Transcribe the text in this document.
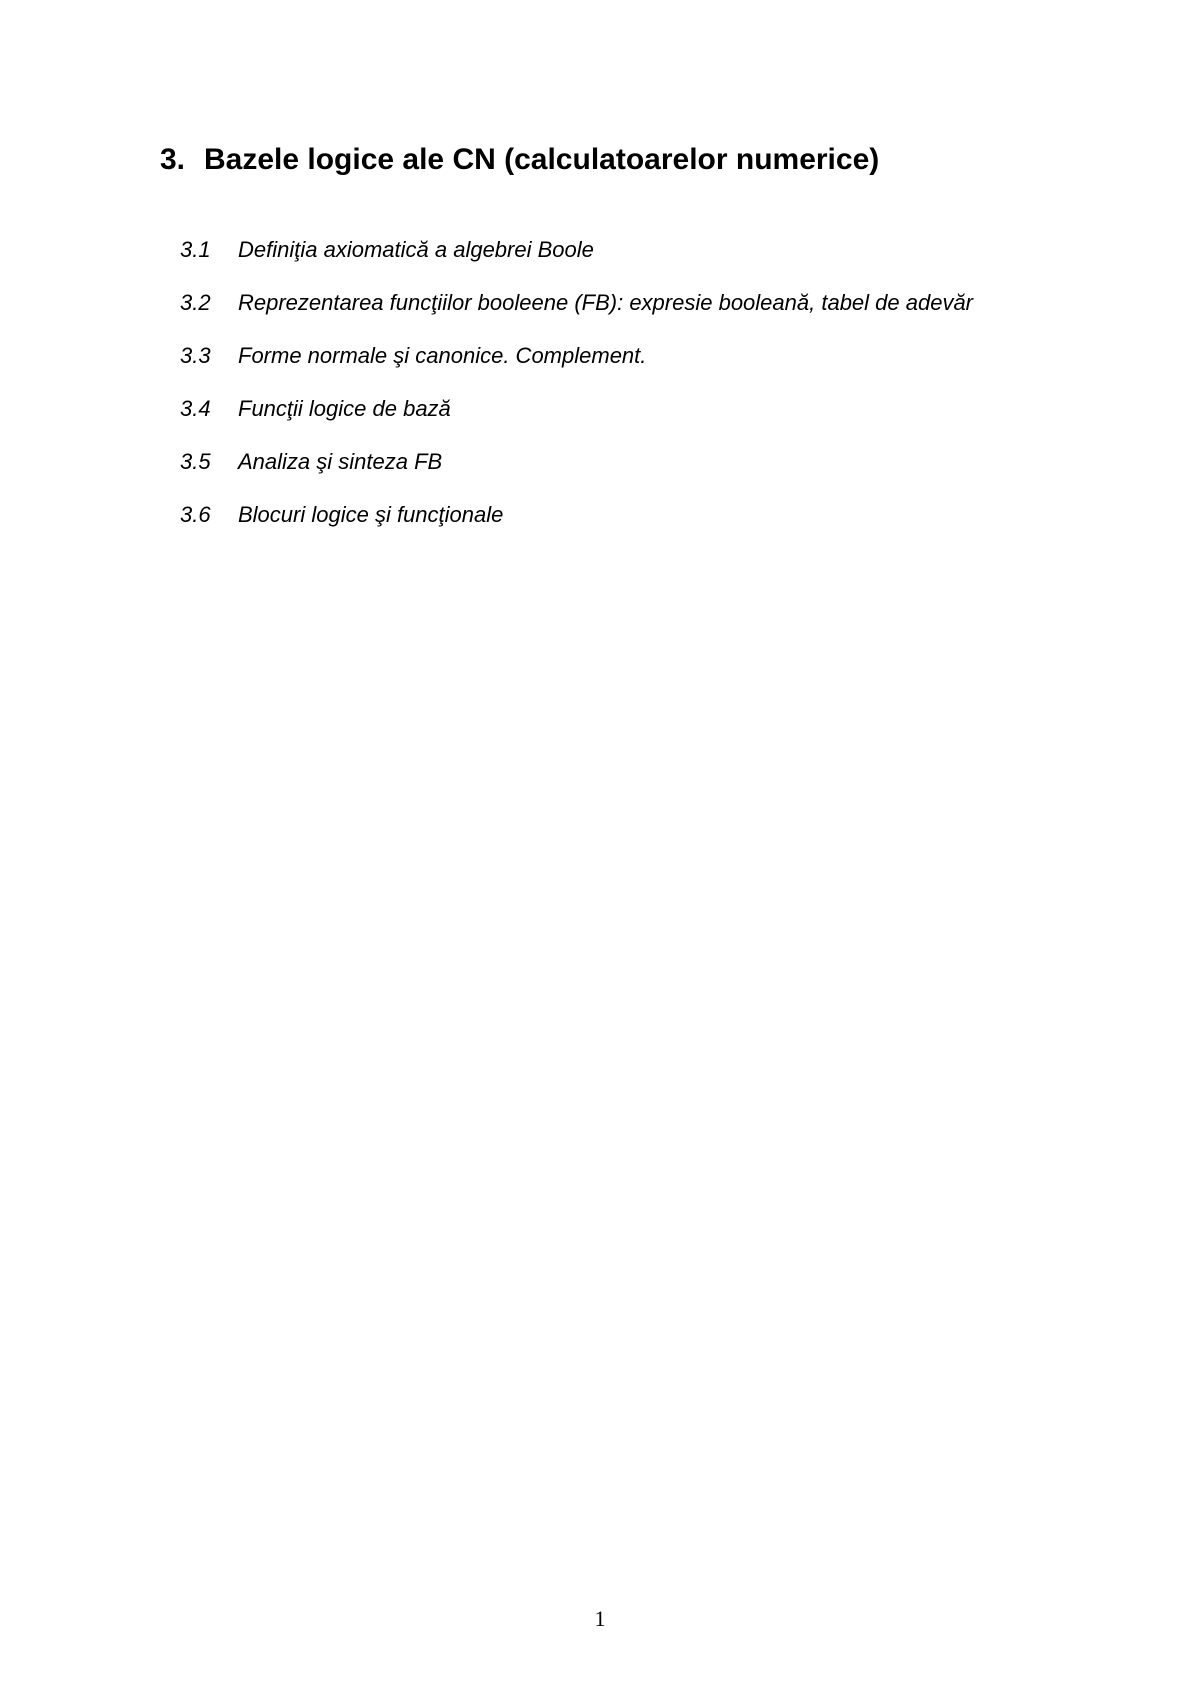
3. Bazele logice ale CN (calculatoarelor numerice)
3.1	Definiţia axiomatică a algebrei Boole
3.2	Reprezentarea funcţiilor booleene (FB): expresie booleană, tabel de adevăr
3.3	Forme normale şi canonice. Complement.
3.4	Funcţii logice de bază
3.5	Analiza şi sinteza FB
3.6	Blocuri logice şi funcţionale
1
